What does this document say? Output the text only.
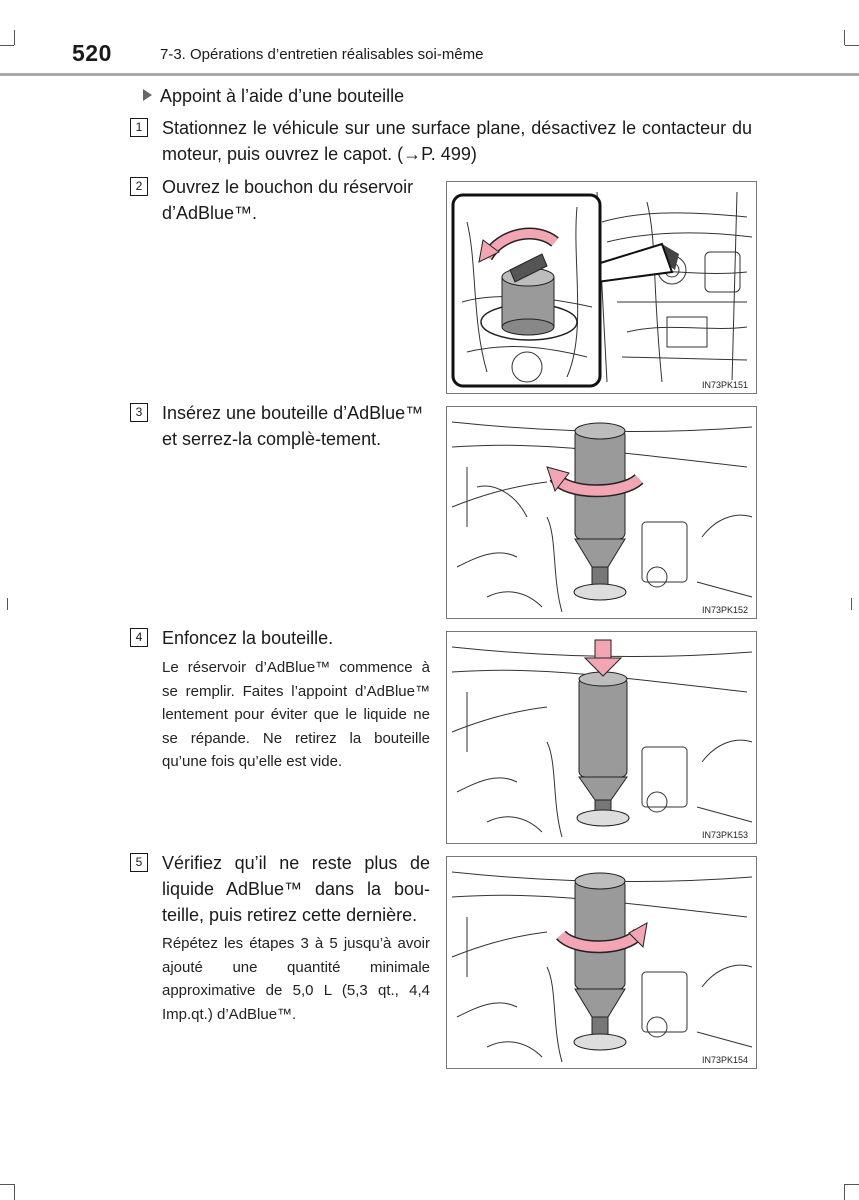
520	7-3. Opérations d’entretien réalisables soi-même
Appoint à l’aide d’une bouteille
1	Stationnez le véhicule sur une surface plane, désactivez le contacteur du moteur, puis ouvrez le capot. (→P. 499)
2	Ouvrez le bouchon du réservoir d’AdBlue™.
IN73PK151
3	Insérez une bouteille d’AdBlue™ et serrez-la complè-tement.
IN73PK152
4	Enfoncez la bouteille.
Le réservoir d’AdBlue™ commence à se remplir. Faites l’appoint d’AdBlue™ lentement pour éviter que le liquide ne se répande. Ne retirez la bouteille qu’une fois qu’elle est vide.
IN73PK153
5	Vérifiez qu’il ne reste plus de liquide AdBlue™ dans la bou-teille, puis retirez cette dernière.
Répétez les étapes 3 à 5 jusqu’à avoir ajouté une quantité minimale approximative de 5,0 L (5,3 qt., 4,4 Imp.qt.) d’AdBlue™.
IN73PK154
